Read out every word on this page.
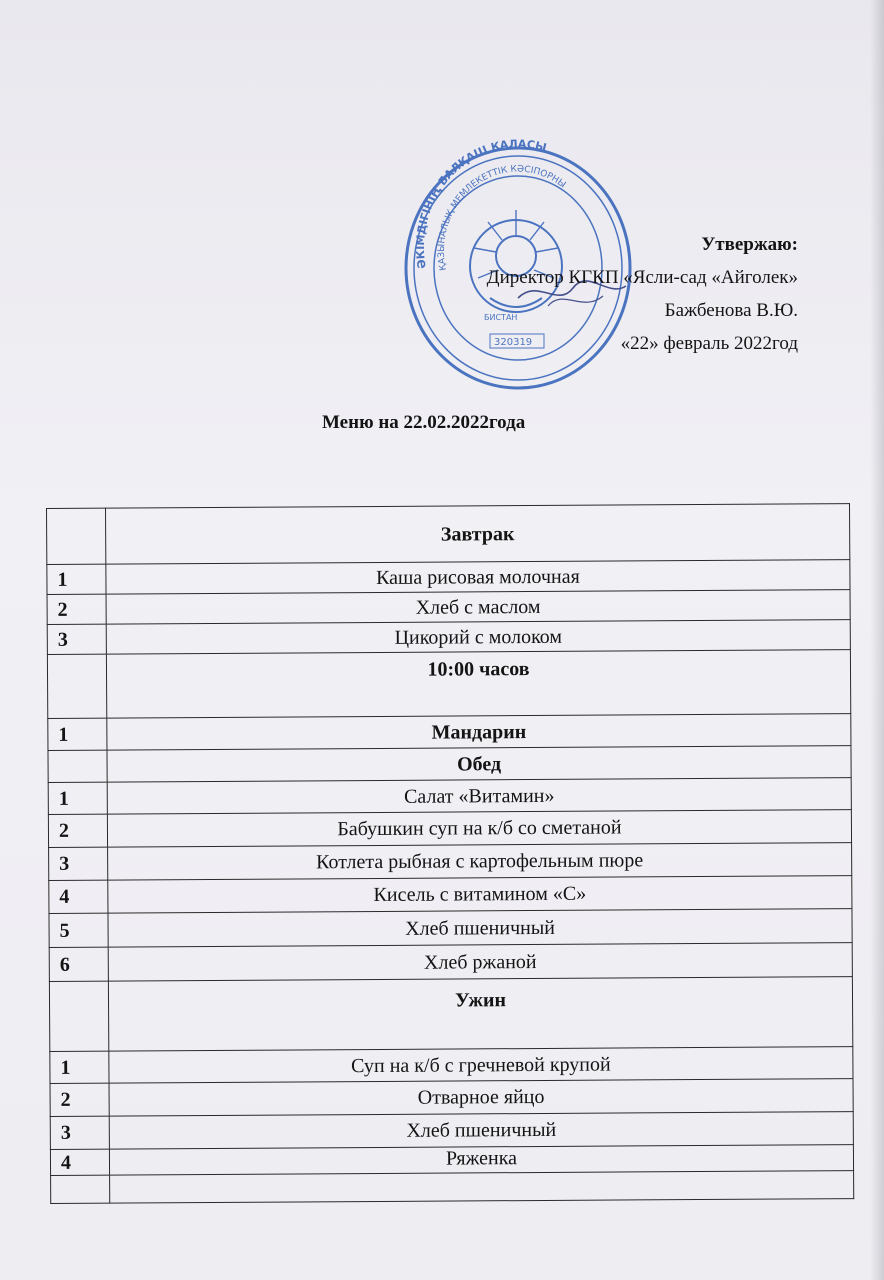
ӘКІМДІГІНІҢ БАЛҚАШ ҚАЛАСЫ
ҚАЗЫНАЛЫҚ МЕМЛЕКЕТТІК КӘСІПОРНЫ
320319
БИСТАН
Утвержаю:
Директор КГКП «Ясли-сад «Айголек»
Бажбенова В.Ю.
«22» февраль 2022год
Меню на 22.02.2022года
	Завтрак
1	Каша рисовая молочная
2	Хлеб с маслом
3	Цикорий с молоком
	10:00 часов
1	Мандарин
	Обед
1	Салат «Витамин»
2	Бабушкин суп на к/б со сметаной
3	Котлета рыбная с картофельным пюре
4	Кисель с витамином «С»
5	Хлеб пшеничный
6	Хлеб ржаной
	Ужин
1	Суп на к/б с гречневой крупой
2	Отварное яйцо
3	Хлеб пшеничный
4	Ряженка
